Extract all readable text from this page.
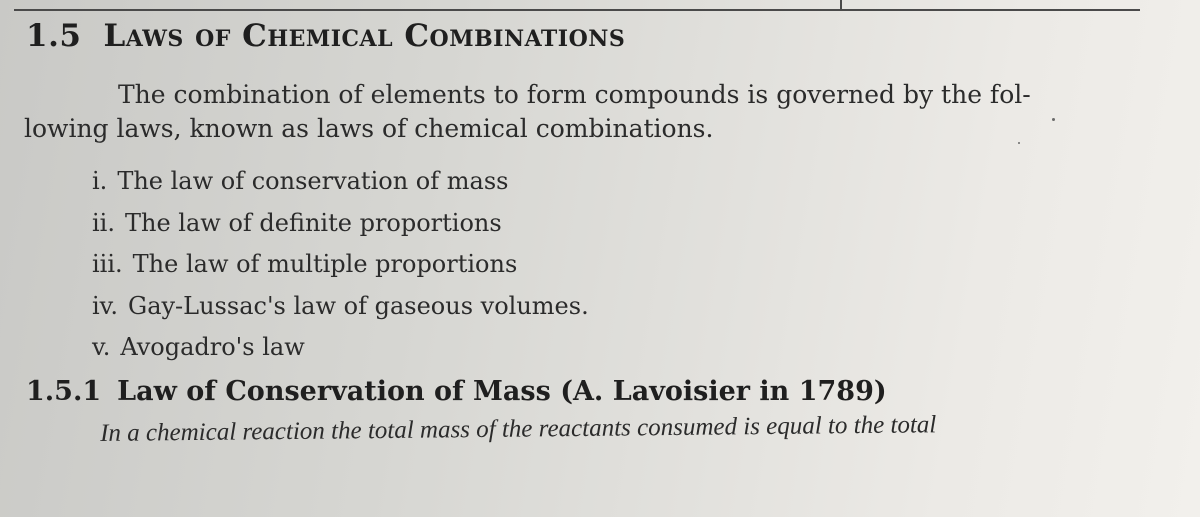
1.5 Laws of Chemical Combinations
The combination of elements to form compounds is governed by the fol-
lowing laws, known as laws of chemical combinations.
i. The law of conservation of mass
ii. The law of definite proportions
iii. The law of multiple proportions
iv. Gay-Lussac's law of gaseous volumes.
v. Avogadro's law
1.5.1 Law of Conservation of Mass (A. Lavoisier in 1789)
In a chemical reaction the total mass of the reactants consumed is equal to the total
